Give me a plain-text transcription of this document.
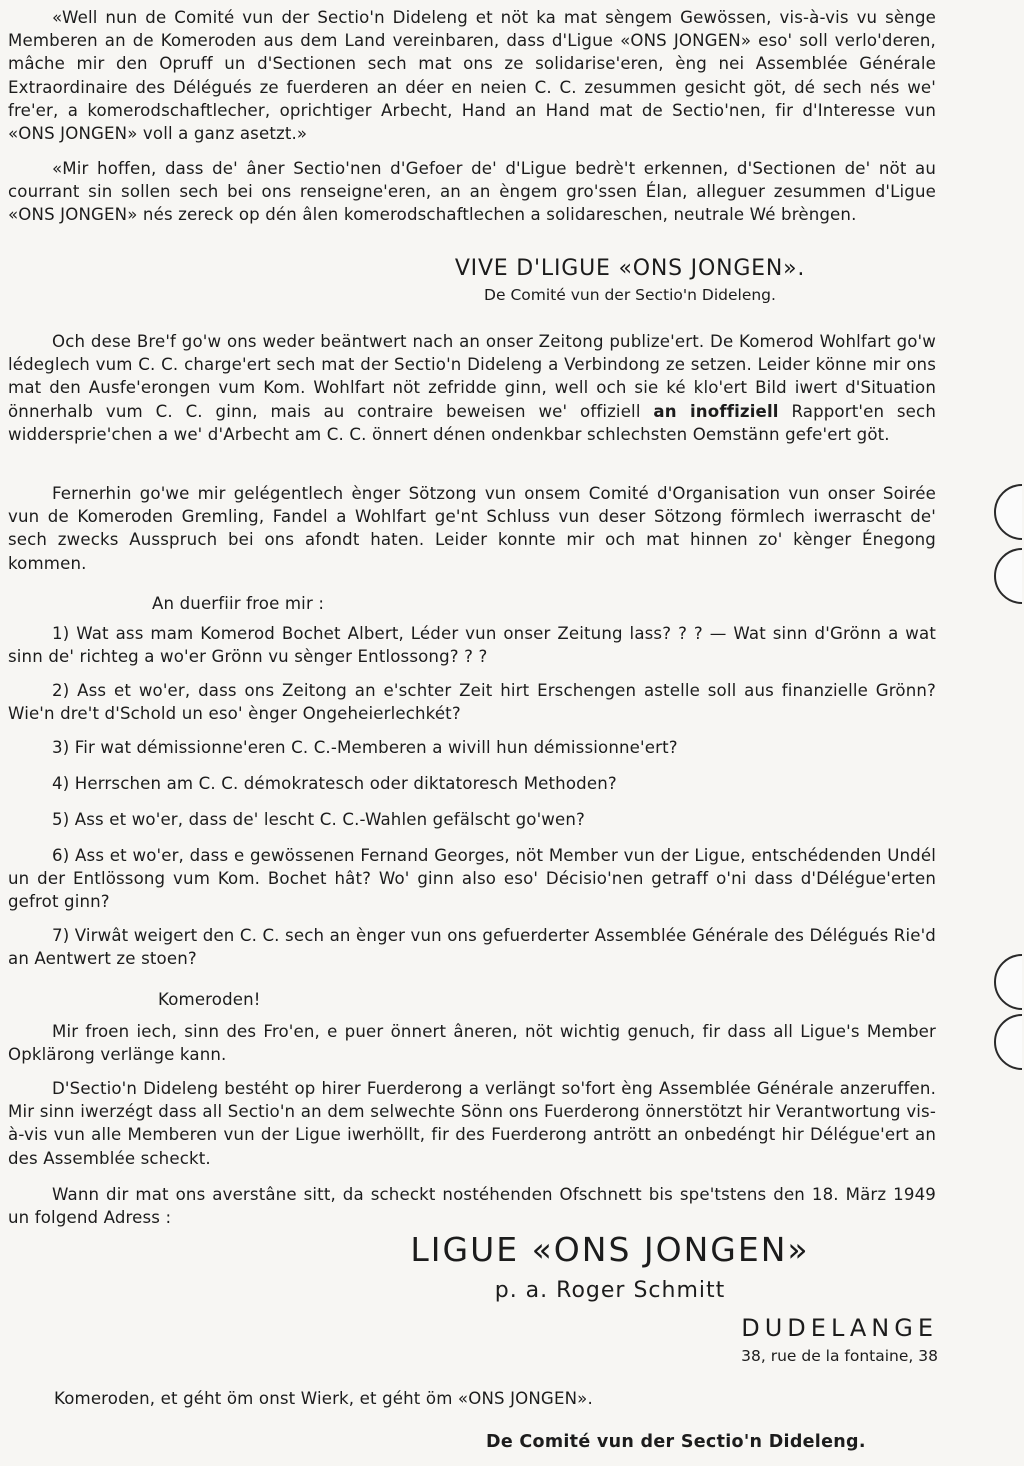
«Well nun de Comité vun der Sectio'n Dideleng et nöt ka mat sèngem Gewössen, vis-à-vis vu sènge Memberen an de Komeroden aus dem Land vereinbaren, dass d'Ligue «ONS JONGEN» eso' soll verlo'deren, mâche mir den Opruff un d'Sectionen sech mat ons ze solidarise'eren, èng nei Assemblée Générale Extraordinaire des Délégués ze fuerderen an déer en neien C. C. zesummen gesicht göt, dé sech nés we' fre'er, a komerodschaftlecher, oprichtiger Arbecht, Hand an Hand mat de Sectio'nen, fir d'Interesse vun «ONS JONGEN» voll a ganz asetzt.»

«Mir hoffen, dass de' âner Sectio'nen d'Gefoer de' d'Ligue bedrè't erkennen, d'Sectionen de' nöt au courrant sin sollen sech bei ons renseigne'eren, an an èngem gro'ssen Élan, alleguer zesummen d'Ligue «ONS JONGEN» nés zereck op dén âlen komerodschaftlechen a solidareschen, neutrale Wé brèngen.

VIVE D'LIGUE «ONS JONGEN».

De Comité vun der Sectio'n Dideleng.

Och dese Bre'f go'w ons weder beäntwert nach an onser Zeitong publize'ert. De Komerod Wohlfart go'w lédeglech vum C. C. charge'ert sech mat der Sectio'n Dideleng a Verbindong ze setzen. Leider könne mir ons mat den Ausfe'erongen vum Kom. Wohlfart nöt zefridde ginn, well och sie ké klo'ert Bild iwert d'Situation önnerhalb vum C. C. ginn, mais au contraire beweisen we' offiziell an inoffiziell Rapport'en sech widdersprie'chen a we' d'Arbecht am C. C. önnert dénen ondenkbar schlechsten Oemstänn gefe'ert göt.

Fernerhin go'we mir gelégentlech ènger Sötzong vun onsem Comité d'Organisation vun onser Soirée vun de Komeroden Gremling, Fandel a Wohlfart ge'nt Schluss vun deser Sötzong förmlech iwerrascht de' sech zwecks Ausspruch bei ons afondt haten. Leider konnte mir och mat hinnen zo' kènger Énegong kommen.

An duerfiir froe mir :

1) Wat ass mam Komerod Bochet Albert, Léder vun onser Zeitung lass? ? ? — Wat sinn d'Grönn a wat sinn de' richteg a wo'er Grönn vu sènger Entlossong? ? ?

2) Ass et wo'er, dass ons Zeitong an e'schter Zeit hirt Erschengen astelle soll aus finanzielle Grönn? Wie'n dre't d'Schold un eso' ènger Ongeheierlechkét?

3) Fir wat démissionne'eren C. C.-Memberen a wivill hun démissionne'ert?

4) Herrschen am C. C. démokratesch oder diktatoresch Methoden?

5) Ass et wo'er, dass de' lescht C. C.-Wahlen gefälscht go'wen?

6) Ass et wo'er, dass e gewössenen Fernand Georges, nöt Member vun der Ligue, entschédenden Undél un der Entlössong vum Kom. Bochet hât? Wo' ginn also eso' Décisio'nen getraff o'ni dass d'Délégue'erten gefrot ginn?

7) Virwât weigert den C. C. sech an ènger vun ons gefuerderter Assemblée Générale des Délégués Rie'd an Aentwert ze stoen?

Komeroden!

Mir froen iech, sinn des Fro'en, e puer önnert âneren, nöt wichtig genuch, fir dass all Ligue's Member Opklärong verlänge kann.

D'Sectio'n Dideleng bestéht op hirer Fuerderong a verlängt so'fort èng Assemblée Générale anzeruffen. Mir sinn iwerzégt dass all Sectio'n an dem selwechte Sönn ons Fuerderong önnerstötzt hir Verantwortung vis-à-vis vun alle Memberen vun der Ligue iwerhöllt, fir des Fuerderong antrött an onbedéngt hir Délégue'ert an des Assemblée scheckt.

Wann dir mat ons averstâne sitt, da scheckt nostéhenden Ofschnett bis spe'tstens den 18. März 1949 un folgend Adress :

LIGUE «ONS JONGEN»

p. a. Roger Schmitt

DUDELANGE

38, rue de la fontaine, 38

Komeroden, et géht öm onst Wierk, et géht öm «ONS JONGEN».

De Comité vun der Sectio'n Dideleng.
